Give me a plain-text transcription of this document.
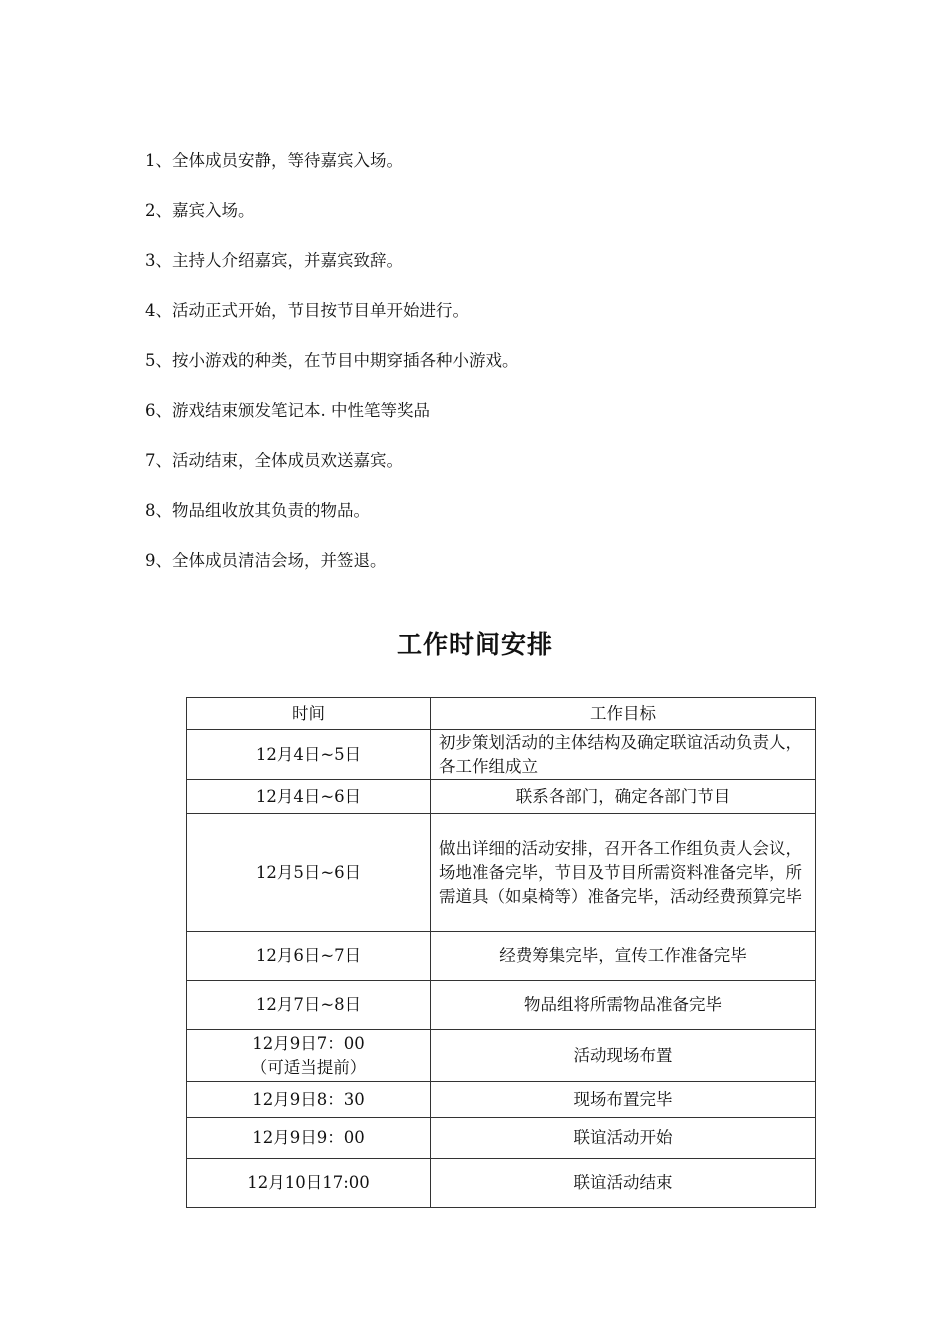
1、全体成员安静，等待嘉宾入场。
2、嘉宾入场。
3、主持人介绍嘉宾，并嘉宾致辞。
4、活动正式开始，节目按节目单开始进行。
5、按小游戏的种类，在节目中期穿插各种小游戏。
6、游戏结束颁发笔记本. 中性笔等奖品
7、活动结束，全体成员欢送嘉宾。
8、物品组收放其负责的物品。
9、全体成员清洁会场，并签退。
工作时间安排
时间	工作目标
12月4日~5日	初步策划活动的主体结构及确定联谊活动负责人，各工作组成立
12月4日~6日	联系各部门，确定各部门节目
12月5日~6日	做出详细的活动安排，召开各工作组负责人会议，场地准备完毕，节目及节目所需资料准备完毕，所需道具（如桌椅等）准备完毕，活动经费预算完毕
12月6日~7日	经费筹集完毕，宣传工作准备完毕
12月7日~8日	物品组将所需物品准备完毕

12月9日7：00
（可适当提前）	活动现场布置
12月9日8：30	现场布置完毕
12月9日9：00	联谊活动开始
12月10日17:00	联谊活动结束
